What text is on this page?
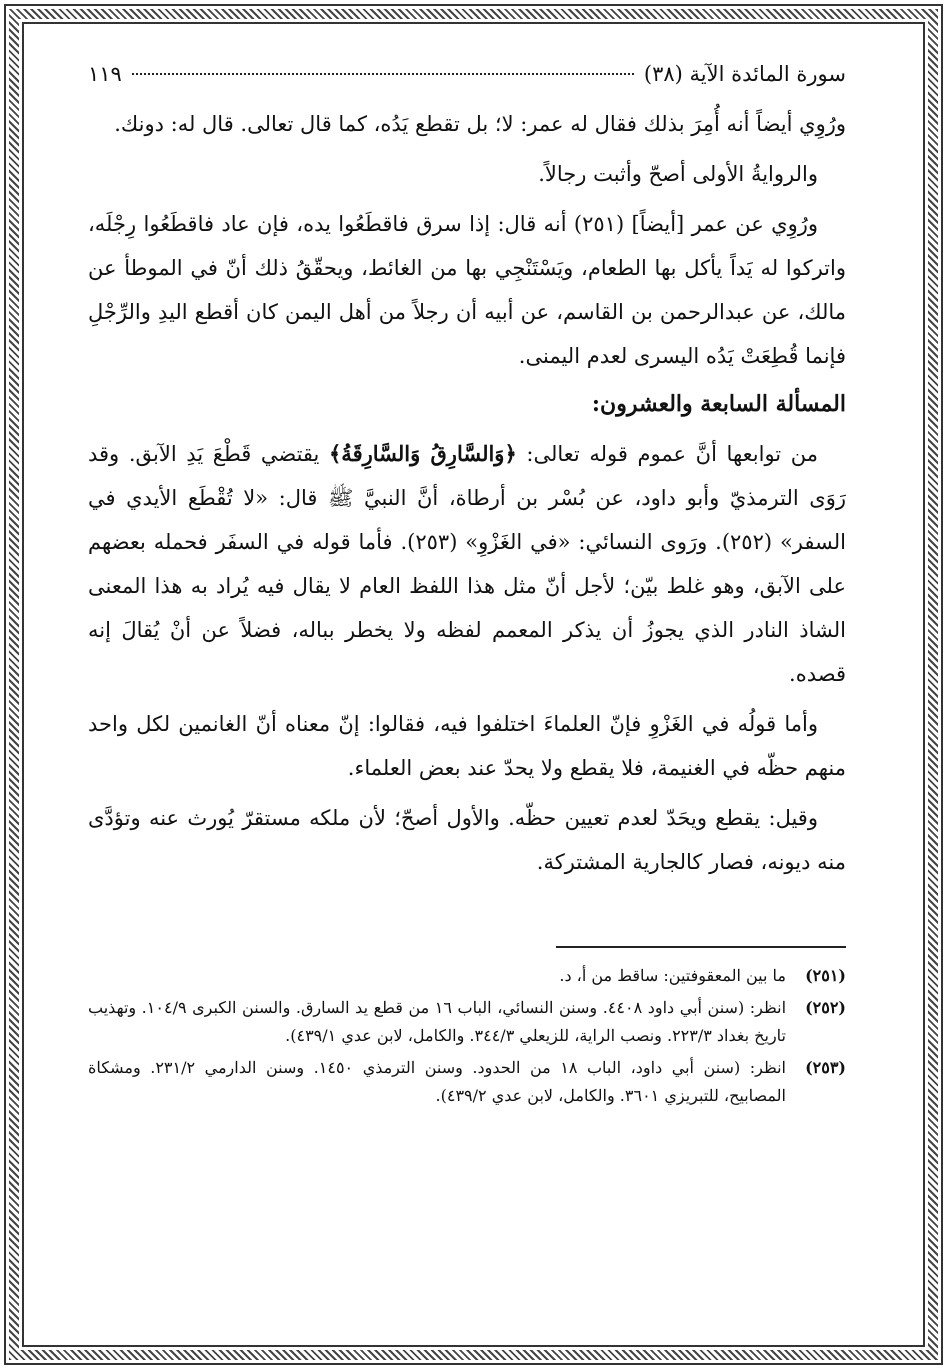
سورة المائدة الآية (٣٨)
١١٩

ورُوِي أيضاً أنه أُمِرَ بذلك فقال له عمر: لا؛ بل تقطع يَدُه، كما قال تعالى. قال له: دونك.

والروايةُ الأولى أصحّ وأثبت رجالاً.

ورُوِي عن عمر [أيضاً] (٢٥١) أنه قال: إذا سرق فاقطَعُوا يده، فإن عاد فاقطَعُوا رِجْلَه، واتركوا له يَداً يأكل بها الطعام، ويَسْتَنْجِي بها من الغائط، ويحقّقُ ذلك أنّ في الموطأ عن مالك، عن عبدالرحمن بن القاسم، عن أبيه أن رجلاً من أهل اليمن كان أقطع اليدِ والرِّجْلِ فإنما قُطِعَتْ يَدُه اليسرى لعدم اليمنى.

المسألة السابعة والعشرون:

من توابعها أنَّ عموم قوله تعالى: ﴿وَالسَّارِقُ وَالسَّارِقَةُ﴾ يقتضي قَطْعَ يَدِ الآبق. وقد رَوَى الترمذيّ وأبو داود، عن بُسْر بن أرطاة، أنَّ النبيَّ ﷺ قال: «لا تُقْطَع الأيدي في السفر» (٢٥٢). ورَوى النسائي: «في الغَزْوِ» (٢٥٣). فأما قوله في السفَر فحمله بعضهم على الآبق، وهو غلط بيّن؛ لأجل أنّ مثل هذا اللفظ العام لا يقال فيه يُراد به هذا المعنى الشاذ النادر الذي يجوزُ أن يذكر المعمم لفظه ولا يخطر بباله، فضلاً عن أنْ يُقالَ إنه قصده.

وأما قولُه في الغَزْوِ فإنّ العلماءَ اختلفوا فيه، فقالوا: إنّ معناه أنّ الغانمين لكل واحد منهم حظّه في الغنيمة، فلا يقطع ولا يحدّ عند بعض العلماء.

وقيل: يقطع ويحَدّ لعدم تعيين حظّه. والأول أصحّ؛ لأن ملكه مستقرّ يُورث عنه وتؤدَّى منه ديونه، فصار كالجارية المشتركة.

(٢٥١)
ما بين المعقوفتين: ساقط من أ، د.
(٢٥٢)
انظر: (سنن أبي داود ٤٤٠٨. وسنن النسائي، الباب ١٦ من قطع يد السارق. والسنن الكبرى ١٠٤/٩. وتهذيب تاريخ بغداد ٢٢٣/٣. ونصب الراية، للزيعلي ٣٤٤/٣. والكامل، لابن عدي ٤٣٩/١).
(٢٥٣)
انظر: (سنن أبي داود، الباب ١٨ من الحدود. وسنن الترمذي ١٤٥٠. وسنن الدارمي ٢٣١/٢. ومشكاة المصابيح، للتبريزي ٣٦٠١. والكامل، لابن عدي ٤٣٩/٢).
